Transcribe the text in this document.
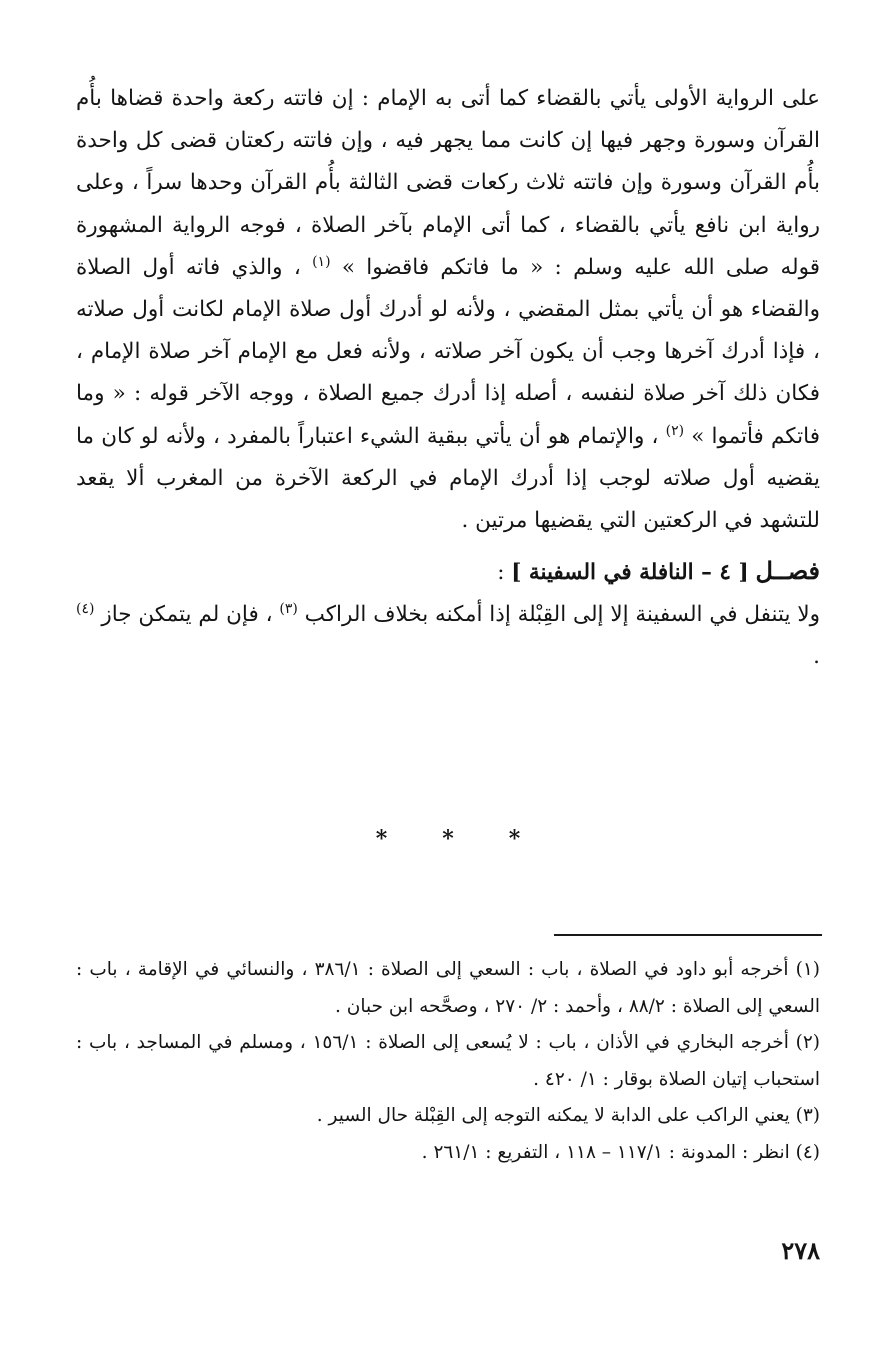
على الرواية الأولى يأتي بالقضاء كما أتى به الإمام : إن فاتته ركعة واحدة قضاها بأُم القرآن وسورة وجهر فيها إن كانت مما يجهر فيه ، وإن فاتته ركعتان قضى كل واحدة بأُم القرآن وسورة وإن فاتته ثلاث ركعات قضى الثالثة بأُم القرآن وحدها سراً ، وعلى رواية ابن نافع يأتي بالقضاء ، كما أتى الإمام بآخر الصلاة ، فوجه الرواية المشهورة قوله صلى الله عليه وسلم : « ما فاتكم فاقضوا » $^{(١)}$ ، والذي فاته أول الصلاة والقضاء هو أن يأتي بمثل المقضي ، ولأنه لو أدرك أول صلاة الإمام لكانت أول صلاته ، فإذا أدرك آخرها وجب أن يكون آخر صلاته ، ولأنه فعل مع الإمام آخر صلاة الإمام ، فكان ذلك آخر صلاة لنفسه ، أصله إذا أدرك جميع الصلاة ، ووجه الآخر قوله : « وما فاتكم فأتموا » $^{(٢)}$ ، والإتمام هو أن يأتي ببقية الشيء اعتباراً بالمفرد ، ولأنه لو كان ما يقضيه أول صلاته لوجب إذا أدرك الإمام في الركعة الآخرة من المغرب ألا يقعد للتشهد في الركعتين التي يقضيها مرتين .

فصــل [ ٤ – النافلة في السفينة ] :

ولا يتنفل في السفينة إلا إلى القِبْلة إذا أمكنه بخلاف الراكب $^{(٣)}$ ، فإن لم يتمكن جاز $^{(٤)}$ .

* * *

(١) أخرجه أبو داود في الصلاة ، باب : السعي إلى الصلاة : ٣٨٦/١ ، والنسائي في الإقامة ، باب : السعي إلى الصلاة : ٨٨/٢ ، وأحمد : ٢/ ٢٧٠ ، وصحَّحه ابن حبان .

(٢) أخرجه البخاري في الأذان ، باب : لا يُسعى إلى الصلاة : ١٥٦/١ ، ومسلم في المساجد ، باب : استحباب إتيان الصلاة بوقار : ١/ ٤٢٠ .

(٣) يعني الراكب على الدابة لا يمكنه التوجه إلى القِبْلة حال السير .

(٤) انظر : المدونة : ١١٧/١ – ١١٨ ، التفريع : ٢٦١/١ .

٢٧٨
